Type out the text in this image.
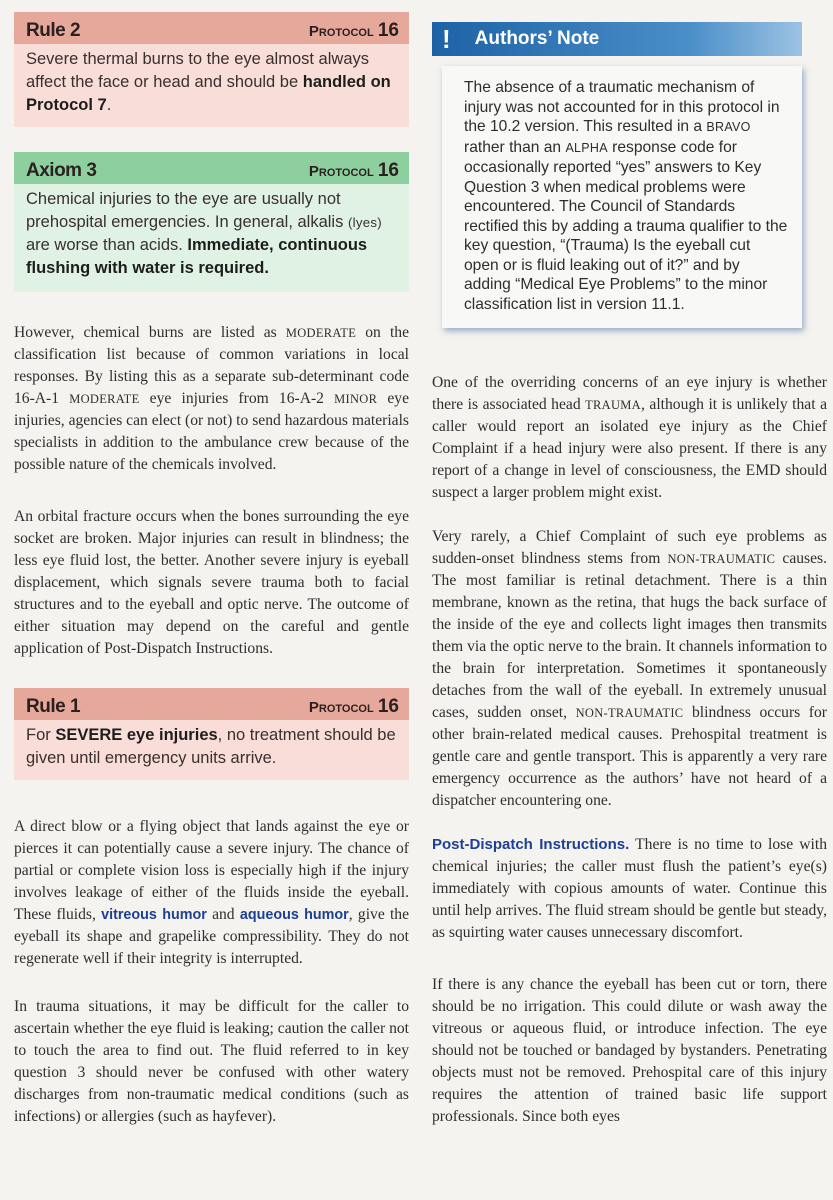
Rule 2	Protocol 16
Severe thermal burns to the eye almost always affect the face or head and should be handled on Protocol 7.
Axiom 3	Protocol 16
Chemical injuries to the eye are usually not prehospital emergencies. In general, alkalis (lyes) are worse than acids. Immediate, continuous flushing with water is required.

However, chemical burns are listed as MODERATE on the classification list because of common variations in local responses. By listing this as a separate sub-determinant code 16-A-1 MODERATE eye injuries from 16-A-2 MINOR eye injuries, agencies can elect (or not) to send hazardous materials specialists in addition to the ambulance crew because of the possible nature of the chemicals involved.

An orbital fracture occurs when the bones surrounding the eye socket are broken. Major injuries can result in blindness; the less eye fluid lost, the better. Another severe injury is eyeball displacement, which signals severe trauma both to facial structures and to the eyeball and optic nerve. The outcome of either situation may depend on the careful and gentle application of Post-Dispatch Instructions.

Rule 1	Protocol 16
For SEVERE eye injuries, no treatment should be given until emergency units arrive.

A direct blow or a flying object that lands against the eye or pierces it can potentially cause a severe injury. The chance of partial or complete vision loss is especially high if the injury involves leakage of either of the fluids inside the eyeball. These fluids, vitreous humor and aqueous humor, give the eyeball its shape and grapelike compressibility. They do not regenerate well if their integrity is interrupted.

In trauma situations, it may be difficult for the caller to ascertain whether the eye fluid is leaking; caution the caller not to touch the area to find out. The fluid referred to in key question 3 should never be confused with other watery discharges from non-traumatic medical conditions (such as infections) or allergies (such as hayfever).

! Authors’ Note
The absence of a traumatic mechanism of injury was not accounted for in this protocol in the 10.2 version. This resulted in a BRAVO rather than an ALPHA response code for occasionally reported “yes” answers to Key Question 3 when medical problems were encountered. The Council of Standards rectified this by adding a trauma qualifier to the key question, “(Trauma) Is the eyeball cut open or is fluid leaking out of it?” and by adding “Medical Eye Problems” to the minor classification list in version 11.1.

One of the overriding concerns of an eye injury is whether there is associated head TRAUMA, although it is unlikely that a caller would report an isolated eye injury as the Chief Complaint if a head injury were also present. If there is any report of a change in level of consciousness, the EMD should suspect a larger problem might exist.

Very rarely, a Chief Complaint of such eye problems as sudden-onset blindness stems from NON-TRAUMATIC causes. The most familiar is retinal detachment. There is a thin membrane, known as the retina, that hugs the back surface of the inside of the eye and collects light images then transmits them via the optic nerve to the brain. It channels information to the brain for interpretation. Sometimes it spontaneously detaches from the wall of the eyeball. In extremely unusual cases, sudden onset, NON-TRAUMATIC blindness occurs for other brain-related medical causes. Prehospital treatment is gentle care and gentle transport. This is apparently a very rare emergency occurrence as the authors’ have not heard of a dispatcher encountering one.

Post-Dispatch Instructions. There is no time to lose with chemical injuries; the caller must flush the patient’s eye(s) immediately with copious amounts of water. Continue this until help arrives. The fluid stream should be gentle but steady, as squirting water causes unnecessary discomfort.

If there is any chance the eyeball has been cut or torn, there should be no irrigation. This could dilute or wash away the vitreous or aqueous fluid, or introduce infection. The eye should not be touched or bandaged by bystanders. Penetrating objects must not be removed. Prehospital care of this injury requires the attention of trained basic life support professionals. Since both eyes
